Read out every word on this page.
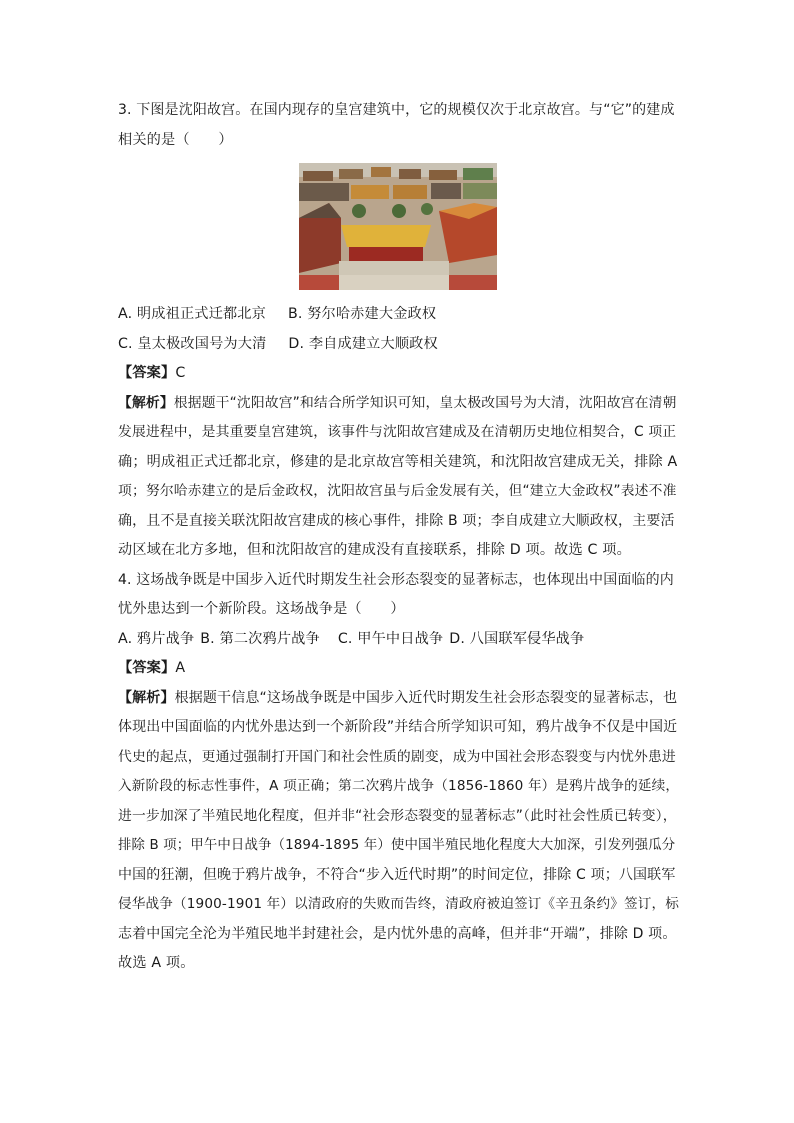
3. 下图是沈阳故宫。在国内现存的皇宫建筑中，它的规模仅次于北京故宫。与“它”的建成
相关的是（　　）
A. 明成祖正式迁都北京 B. 努尔哈赤建大金政权
C. 皇太极改国号为大清 D. 李自成建立大顺政权
【答案】C
【解析】根据题干“沈阳故宫”和结合所学知识可知，皇太极改国号为大清，沈阳故宫在清朝
发展进程中，是其重要皇宫建筑，该事件与沈阳故宫建成及在清朝历史地位相契合，C 项正
确；明成祖正式迁都北京，修建的是北京故宫等相关建筑，和沈阳故宫建成无关，排除 A
项；努尔哈赤建立的是后金政权，沈阳故宫虽与后金发展有关，但“建立大金政权”表述不准
确，且不是直接关联沈阳故宫建成的核心事件，排除 B 项；李自成建立大顺政权，主要活
动区域在北方多地，但和沈阳故宫的建成没有直接联系，排除 D 项。故选 C 项。
4. 这场战争既是中国步入近代时期发生社会形态裂变的显著标志，也体现出中国面临的内
忧外患达到一个新阶段。这场战争是（　　）
A. 鸦片战争 B. 第二次鸦片战争 C. 甲午中日战争 D. 八国联军侵华战争
【答案】A
【解析】根据题干信息“这场战争既是中国步入近代时期发生社会形态裂变的显著标志，也
体现出中国面临的内忧外患达到一个新阶段”并结合所学知识可知，鸦片战争不仅是中国近
代史的起点，更通过强制打开国门和社会性质的剧变，成为中国社会形态裂变与内忧外患进
入新阶段的标志性事件，A 项正确；第二次鸦片战争（1856-1860 年）是鸦片战争的延续，
进一步加深了半殖民地化程度，但并非“社会形态裂变的显著标志”（此时社会性质已转变），
排除 B 项；甲午中日战争（1894-1895 年）使中国半殖民地化程度大大加深，引发列强瓜分
中国的狂潮，但晚于鸦片战争，不符合“步入近代时期”的时间定位，排除 C 项；八国联军
侵华战争（1900-1901 年）以清政府的失败而告终，清政府被迫签订《辛丑条约》签订，标
志着中国完全沦为半殖民地半封建社会，是内忧外患的高峰，但并非“开端”，排除 D 项。
故选 A 项。
